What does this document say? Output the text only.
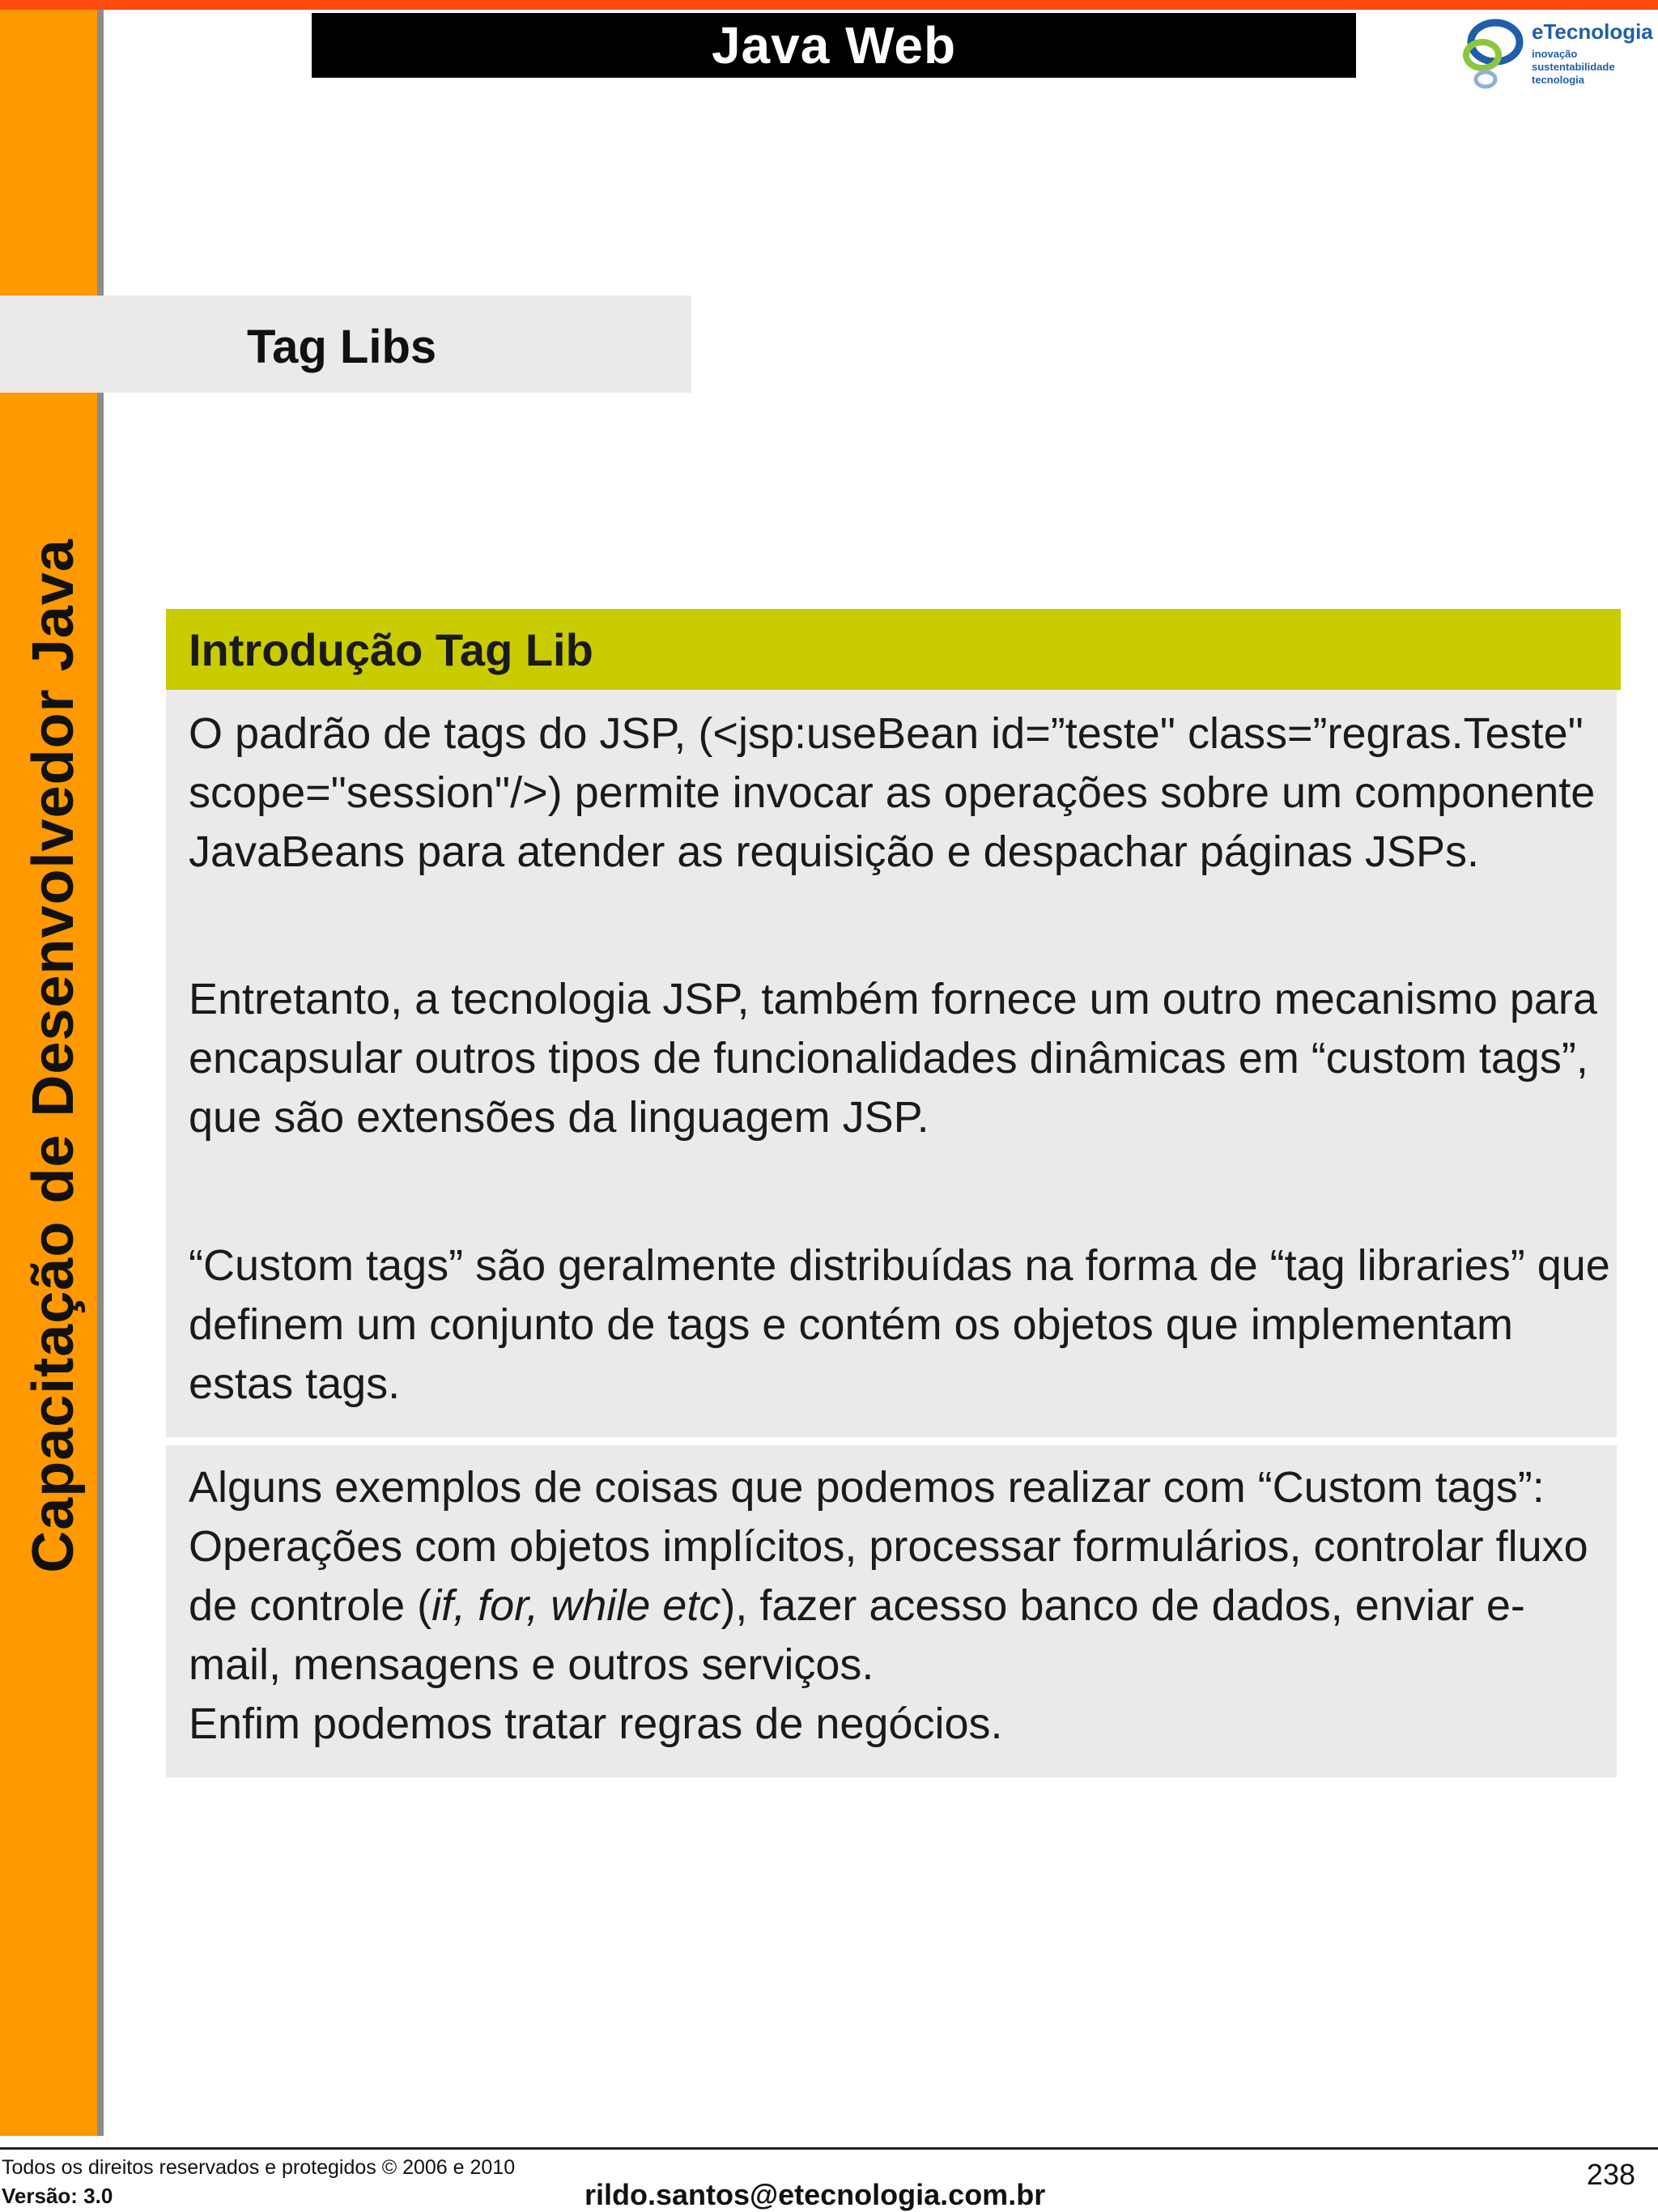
Capacitação de Desenvolvedor Java
Java Web	eTecnologia
inovação
sustentabilidade
tecnologia
Tag Libs
Introdução Tag Lib

O padrão de tags do JSP, (<jsp:useBean id=”teste" class=”regras.Teste" scope="session"/>) permite invocar as operações sobre um componente JavaBeans para atender as requisição e despachar páginas JSPs.

Entretanto, a tecnologia JSP, também fornece um outro mecanismo para encapsular outros tipos de funcionalidades dinâmicas em “custom tags”, que são extensões da linguagem JSP.

“Custom tags” são geralmente distribuídas na forma de “tag libraries” que definem um conjunto de tags e contém os objetos que implementam estas tags.

Alguns exemplos de coisas que podemos realizar com “Custom tags”: Operações com objetos implícitos, processar formulários, controlar fluxo de controle (if, for, while etc), fazer acesso banco de dados, enviar e-mail, mensagens e outros serviços.
Enfim podemos tratar regras de negócios.

Todos os direitos reservados e protegidos © 2006 e 2010
Versão: 3.0	rildo.santos@etecnologia.com.br
238
